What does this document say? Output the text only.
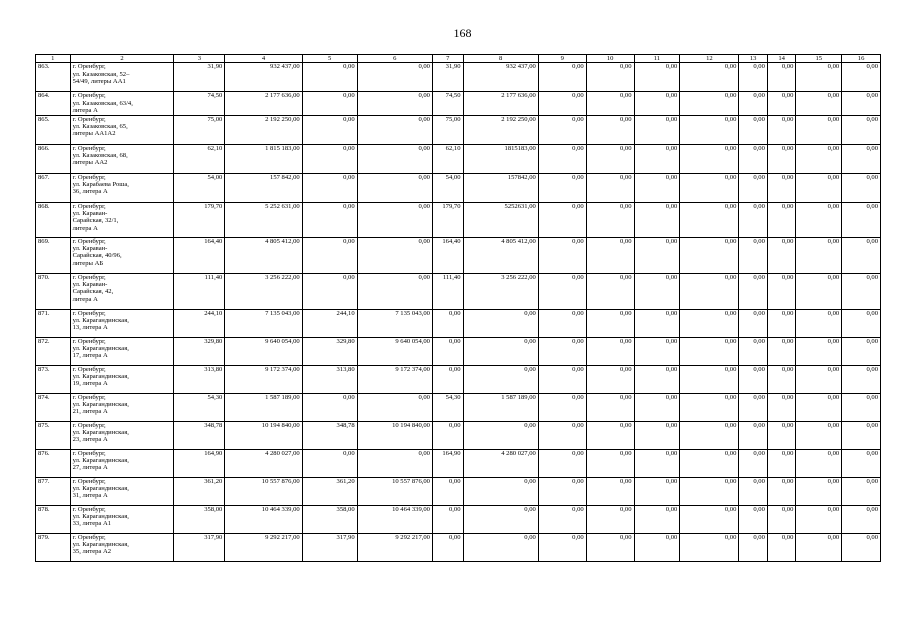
168
1	2	3	4	5	6	7	8	9	10	11	12	13	14	15	16
863.	г. Оренбург,
ул. Казаковская, 52–
54/49, литеры АА1	31,90	932 437,00	0,00	0,00	31,90	932 437,00	0,00	0,00	0,00	0,00	0,00	0,00	0,00	0,00
864.	г. Оренбург,
ул. Казаковская, 63/4,
литера А	74,50	2 177 636,00	0,00	0,00	74,50	2 177 636,00	0,00	0,00	0,00	0,00	0,00	0,00	0,00	0,00
865.	г. Оренбург,
ул. Казаковская, 65,
литеры АА1А2	75,00	2 192 250,00	0,00	0,00	75,00	2 192 250,00	0,00	0,00	0,00	0,00	0,00	0,00	0,00	0,00
866.	г. Оренбург,
ул. Казаковская, 68,
литеры АА2	62,10	1 815 183,00	0,00	0,00	62,10	1815183,00	0,00	0,00	0,00	0,00	0,00	0,00	0,00	0,00
867.	г. Оренбург,
ул. Карабаева Роша,
36, литера А	54,00	157 842,00	0,00	0,00	54,00	157842,00	0,00	0,00	0,00	0,00	0,00	0,00	0,00	0,00
868.	г. Оренбург,
ул. Караван-
Сарайская, 32/1,
литера А	179,70	5 252 631,00	0,00	0,00	179,70	5252631,00	0,00	0,00	0,00	0,00	0,00	0,00	0,00	0,00
869.	г. Оренбург,
ул. Караван-
Сарайская, 40/96,
литеры АБ	164,40	4 805 412,00	0,00	0,00	164,40	4 805 412,00	0,00	0,00	0,00	0,00	0,00	0,00	0,00	0,00
870.	г. Оренбург,
ул. Караван-
Сарайская, 42,
литера А	111,40	3 256 222,00	0,00	0,00	111,40	3 256 222,00	0,00	0,00	0,00	0,00	0,00	0,00	0,00	0,00
871.	г. Оренбург,
ул. Карагандинская,
13, литера А	244,10	7 135 043,00	244,10	7 135 043,00	0,00	0,00	0,00	0,00	0,00	0,00	0,00	0,00	0,00	0,00
872.	г. Оренбург,
ул. Карагандинская,
17, литера А	329,80	9 640 054,00	329,80	9 640 054,00	0,00	0,00	0,00	0,00	0,00	0,00	0,00	0,00	0,00	0,00
873.	г. Оренбург,
ул. Карагандинская,
19, литера А	313,80	9 172 374,00	313,80	9 172 374,00	0,00	0,00	0,00	0,00	0,00	0,00	0,00	0,00	0,00	0,00
874.	г. Оренбург,
ул. Карагандинская,
21, литера А	54,30	1 587 189,00	0,00	0,00	54,30	1 587 189,00	0,00	0,00	0,00	0,00	0,00	0,00	0,00	0,00
875.	г. Оренбург,
ул. Карагандинская,
23, литера А	348,78	10 194 840,00	348,78	10 194 840,00	0,00	0,00	0,00	0,00	0,00	0,00	0,00	0,00	0,00	0,00
876.	г. Оренбург,
ул. Карагандинская,
27, литера А	164,90	4 280 027,00	0,00	0,00	164,90	4 280 027,00	0,00	0,00	0,00	0,00	0,00	0,00	0,00	0,00
877.	г. Оренбург,
ул. Карагандинская,
31, литера А	361,20	10 557 876,00	361,20	10 557 876,00	0,00	0,00	0,00	0,00	0,00	0,00	0,00	0,00	0,00	0,00
878.	г. Оренбург,
ул. Карагандинская,
33, литера А1	358,00	10 464 339,00	358,00	10 464 339,00	0,00	0,00	0,00	0,00	0,00	0,00	0,00	0,00	0,00	0,00
879.	г. Оренбург,
ул. Карагандинская,
35, литера А2	317,90	9 292 217,00	317,90	9 292 217,00	0,00	0,00	0,00	0,00	0,00	0,00	0,00	0,00	0,00	0,00
